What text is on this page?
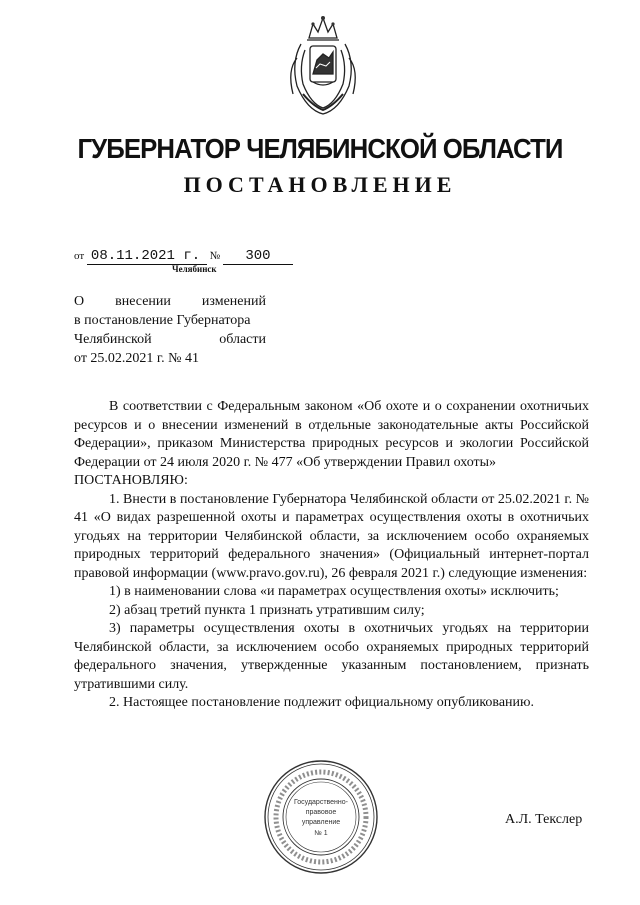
ГУБЕРНАТОР ЧЕЛЯБИНСКОЙ ОБЛАСТИ
ПОСТАНОВЛЕНИЕ
от 08.11.2021 г. № 300
Челябинск
О внесении изменений
в постановление Губернатора
Челябинской	области
от 25.02.2021 г. № 41

В соответствии с Федеральным законом «Об охоте и о сохранении охотничьих ресурсов и о внесении изменений в отдельные законодательные акты Российской Федерации», приказом Министерства природных ресурсов и экологии Российской Федерации от 24 июля 2020 г. № 477 «Об утверждении Правил охоты»

ПОСТАНОВЛЯЮ:

1. Внести в постановление Губернатора Челябинской области от 25.02.2021 г. № 41 «О видах разрешенной охоты и параметрах осуществления охоты в охотничьих угодьях на территории Челябинской области, за исключением особо охраняемых природных территорий федерального значения» (Официальный интернет-портал правовой информации (www.pravo.gov.ru), 26 февраля 2021 г.) следующие изменения:

1) в наименовании слова «и параметрах осуществления охоты» исключить;

2) абзац третий пункта 1 признать утратившим силу;

3) параметры осуществления охоты в охотничьих угодьях на территории Челябинской области, за исключением особо охраняемых природных территорий федерального значения, утвержденные указанным постановлением, признать утратившими силу.

2. Настоящее постановление подлежит официальному опубликованию.

Государственно-
правовое
управление
№ 1
А.Л. Текслер
